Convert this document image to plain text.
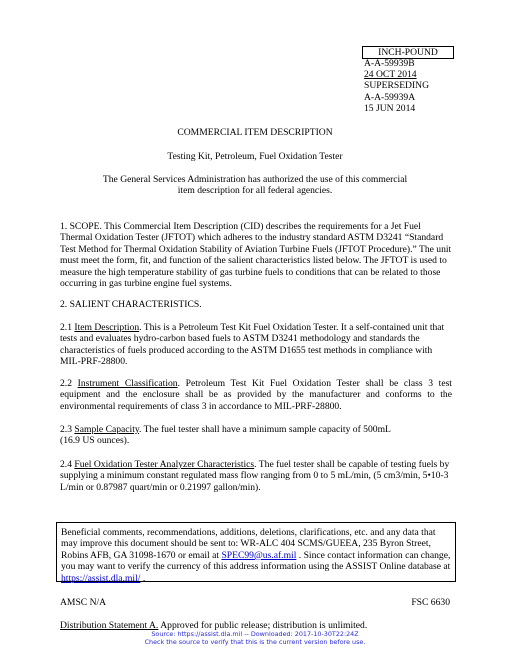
INCH-POUND
A-A-59939B
24 OCT 2014
SUPERSEDING
A-A-59939A
15 JUN 2014
COMMERCIAL ITEM DESCRIPTION
Testing Kit, Petroleum, Fuel Oxidation Tester
The General Services Administration has authorized the use of this commercial
item description for all federal agencies.

1. SCOPE. This Commercial Item Description (CID) describes the requirements for a Jet Fuel Thermal Oxidation Tester (JFTOT) which adheres to the industry standard ASTM D3241 “Standard Test Method for Thermal Oxidation Stability of Aviation Turbine Fuels (JFTOT Procedure).” The unit must meet the form, fit, and function of the salient characteristics listed below. The JFTOT is used to measure the high temperature stability of gas turbine fuels to conditions that can be related to those occurring in gas turbine engine fuel systems.

2. SALIENT CHARACTERISTICS.

2.1 Item Description. This is a Petroleum Test Kit Fuel Oxidation Tester. It a self-contained unit that tests and evaluates hydro-carbon based fuels to ASTM D3241 methodology and standards the characteristics of fuels produced according to the ASTM D1655 test methods in compliance with MIL-PRF-28800.

2.2 Instrument Classification. Petroleum Test Kit Fuel Oxidation Tester shall be class 3 test equipment and the enclosure shall be as provided by the manufacturer and conforms to the environmental requirements of class 3 in accordance to MIL-PRF-28800.

2.3 Sample Capacity. The fuel tester shall have a minimum sample capacity of 500mL
(16.9 US ounces).

2.4 Fuel Oxidation Tester Analyzer Characteristics. The fuel tester shall be capable of testing fuels by supplying a minimum constant regulated mass flow ranging from 0 to 5 mL/min, (5 cm3/min, 5•10-3 L/min or 0.87987 quart/min or 0.21997 gallon/min).

Beneficial comments, recommendations, additions, deletions, clarifications, etc. and any data that may improve this document should be sent to: WR-ALC 404 SCMS/GUEEA, 235 Byron Street, Robins AFB, GA 31098-1670 or email at SPEC99@us.af.mil . Since contact information can change, you may want to verify the currency of this address information using the ASSIST Online database at https://assist.dla.mil/ .
AMSC N/A	FSC 6630
Distribution Statement A. Approved for public release; distribution is unlimited.
Source: https://assist.dla.mil -- Downloaded: 2017-10-30T22:24Z
Check the source to verify that this is the current version before use.
